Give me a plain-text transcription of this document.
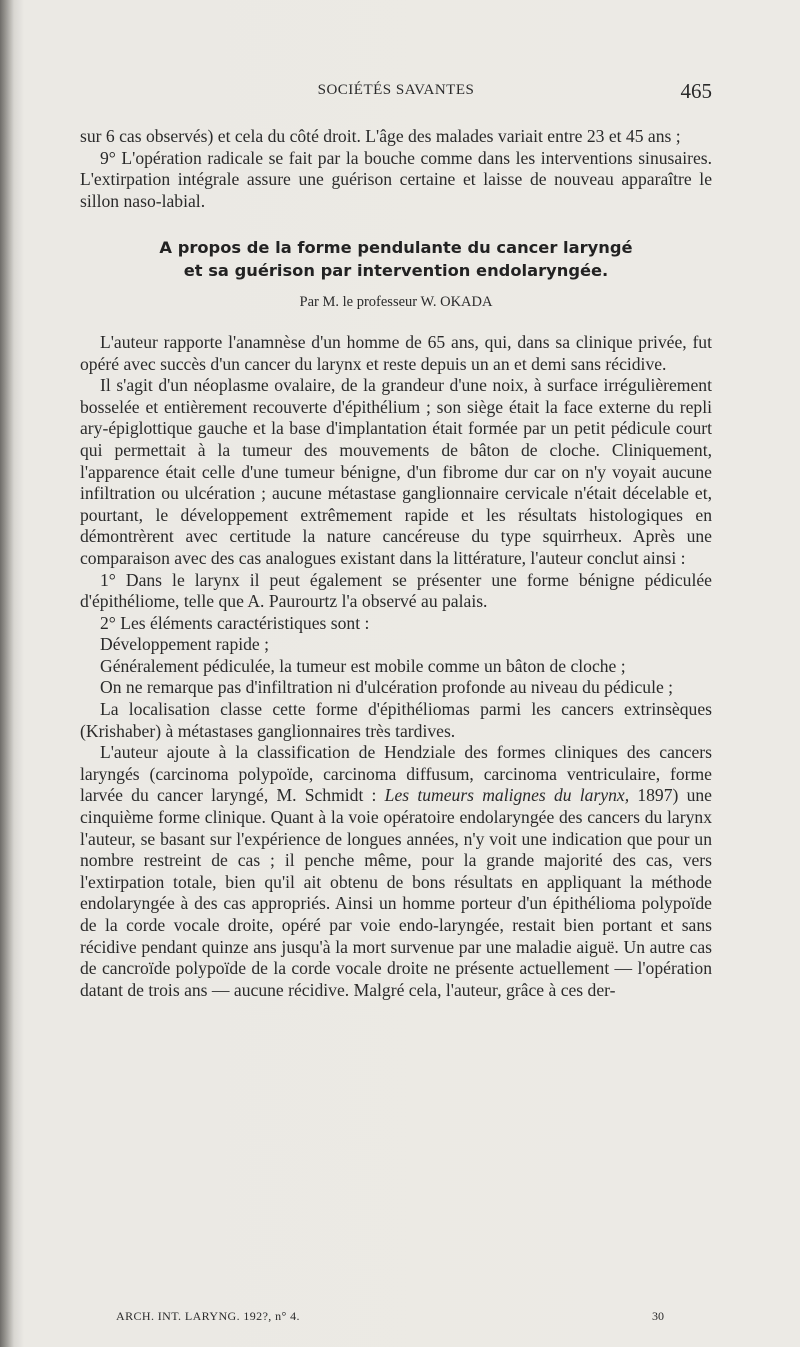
SOCIÉTÉS SAVANTES	465

sur 6 cas observés) et cela du côté droit. L'âge des malades variait entre 23 et 45 ans ;

9° L'opération radicale se fait par la bouche comme dans les interventions sinusaires. L'extirpation intégrale assure une guérison certaine et laisse de nouveau apparaître le sillon naso-labial.

A propos de la forme pendulante du cancer laryngé
et sa guérison par intervention endolaryngée.
Par M. le professeur W. OKADA

L'auteur rapporte l'anamnèse d'un homme de 65 ans, qui, dans sa clinique privée, fut opéré avec succès d'un cancer du larynx et reste depuis un an et demi sans récidive.

Il s'agit d'un néoplasme ovalaire, de la grandeur d'une noix, à surface irrégulièrement bosselée et entièrement recouverte d'épithélium ; son siège était la face externe du repli ary-épiglottique gauche et la base d'implantation était formée par un petit pédicule court qui permettait à la tumeur des mouvements de bâton de cloche. Cliniquement, l'apparence était celle d'une tumeur bénigne, d'un fibrome dur car on n'y voyait aucune infiltration ou ulcération ; aucune métastase ganglionnaire cervicale n'était décelable et, pourtant, le développement extrêmement rapide et les résultats histologiques en démontrèrent avec certitude la nature cancéreuse du type squirrheux. Après une comparaison avec des cas analogues existant dans la littérature, l'auteur conclut ainsi :

1° Dans le larynx il peut également se présenter une forme bénigne pédiculée d'épithéliome, telle que A. Paurourtz l'a observé au palais.

2° Les éléments caractéristiques sont :

Développement rapide ;

Généralement pédiculée, la tumeur est mobile comme un bâton de cloche ;

On ne remarque pas d'infiltration ni d'ulcération profonde au niveau du pédicule ;

La localisation classe cette forme d'épithéliomas parmi les cancers extrinsèques (Krishaber) à métastases ganglionnaires très tardives.

L'auteur ajoute à la classification de Hendziale des formes cliniques des cancers laryngés (carcinoma polypoïde, carcinoma diffusum, carcinoma ventriculaire, forme larvée du cancer laryngé, M. Schmidt : Les tumeurs malignes du larynx, 1897) une cinquième forme clinique. Quant à la voie opératoire endolaryngée des cancers du larynx l'auteur, se basant sur l'expérience de longues années, n'y voit une indication que pour un nombre restreint de cas ; il penche même, pour la grande majorité des cas, vers l'extirpation totale, bien qu'il ait obtenu de bons résultats en appliquant la méthode endolaryngée à des cas appropriés. Ainsi un homme porteur d'un épithélioma polypoïde de la corde vocale droite, opéré par voie endo-laryngée, restait bien portant et sans récidive pendant quinze ans jusqu'à la mort survenue par une maladie aiguë. Un autre cas de cancroïde polypoïde de la corde vocale droite ne présente actuellement — l'opération datant de trois ans — aucune récidive. Malgré cela, l'auteur, grâce à ces der-

ARCH. INT. LARYNG. 192?, n° 4.	30
